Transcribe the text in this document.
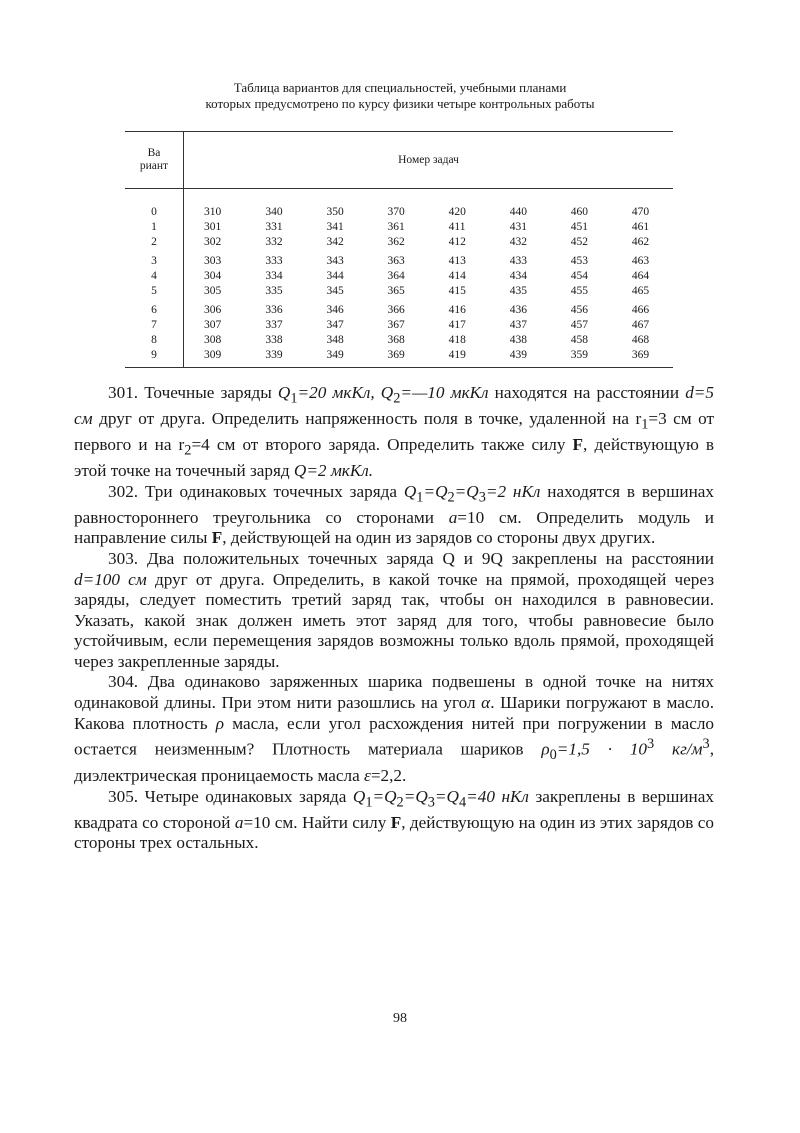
Таблица вариантов для специальностей, учебными планами
которых предусмотрено по курсу физики четыре контрольных работы
Ва
риант	Номер задач							
0	310	340	350	370	420	440	460	470
1	301	331	341	361	411	431	451	461
2	302	332	342	362	412	432	452	462
3	303	333	343	363	413	433	453	463
4	304	334	344	364	414	434	454	464
5	305	335	345	365	415	435	455	465
6	306	336	346	366	416	436	456	466
7	307	337	347	367	417	437	457	467
8	308	338	348	368	418	438	458	468
9	309	339	349	369	419	439	359	369

301. Точечные заряды $Q_1=20$ мкКл, $Q_2=—10$ мкКл находятся на расстоянии d=5 см друг от друга. Определить напряженность поля в точке, удаленной на $r_1=3$ см от первого и на $r_2=4$ см от второго заряда. Определить также силу F, действующую в этой точке на точечный заряд Q=2 мкКл.

302. Три одинаковых точечных заряда $Q_1=Q_2=Q_3=2$ нКл находятся в вершинах равностороннего треугольника со сторонами a=10 см. Определить модуль и направление силы F, действующей на один из зарядов со стороны двух других.

303. Два положительных точечных заряда Q и 9Q закреплены на расстоянии d=100 см друг от друга. Определить, в какой точке на прямой, проходящей через заряды, следует поместить третий заряд так, чтобы он находился в равновесии. Указать, какой знак должен иметь этот заряд для того, чтобы равновесие было устойчивым, если перемещения зарядов возможны только вдоль прямой, проходящей через закрепленные заряды.

304. Два одинаково заряженных шарика подвешены в одной точке на нитях одинаковой длины. При этом нити разошлись на угол α. Шарики погружают в масло. Какова плотность ρ масла, если угол расхождения нитей при погружении в масло остается неизменным? Плотность материала шариков $\rho_0=1,5 \cdot 10^3$ $кг/м^3$, диэлектрическая проницаемость масла ε=2,2.

305. Четыре одинаковых заряда $Q_1=Q_2=Q_3=Q_4=40$ нКл закреплены в вершинах квадрата со стороной a=10 см. Найти силу F, действующую на один из этих зарядов со стороны трех остальных.

98
